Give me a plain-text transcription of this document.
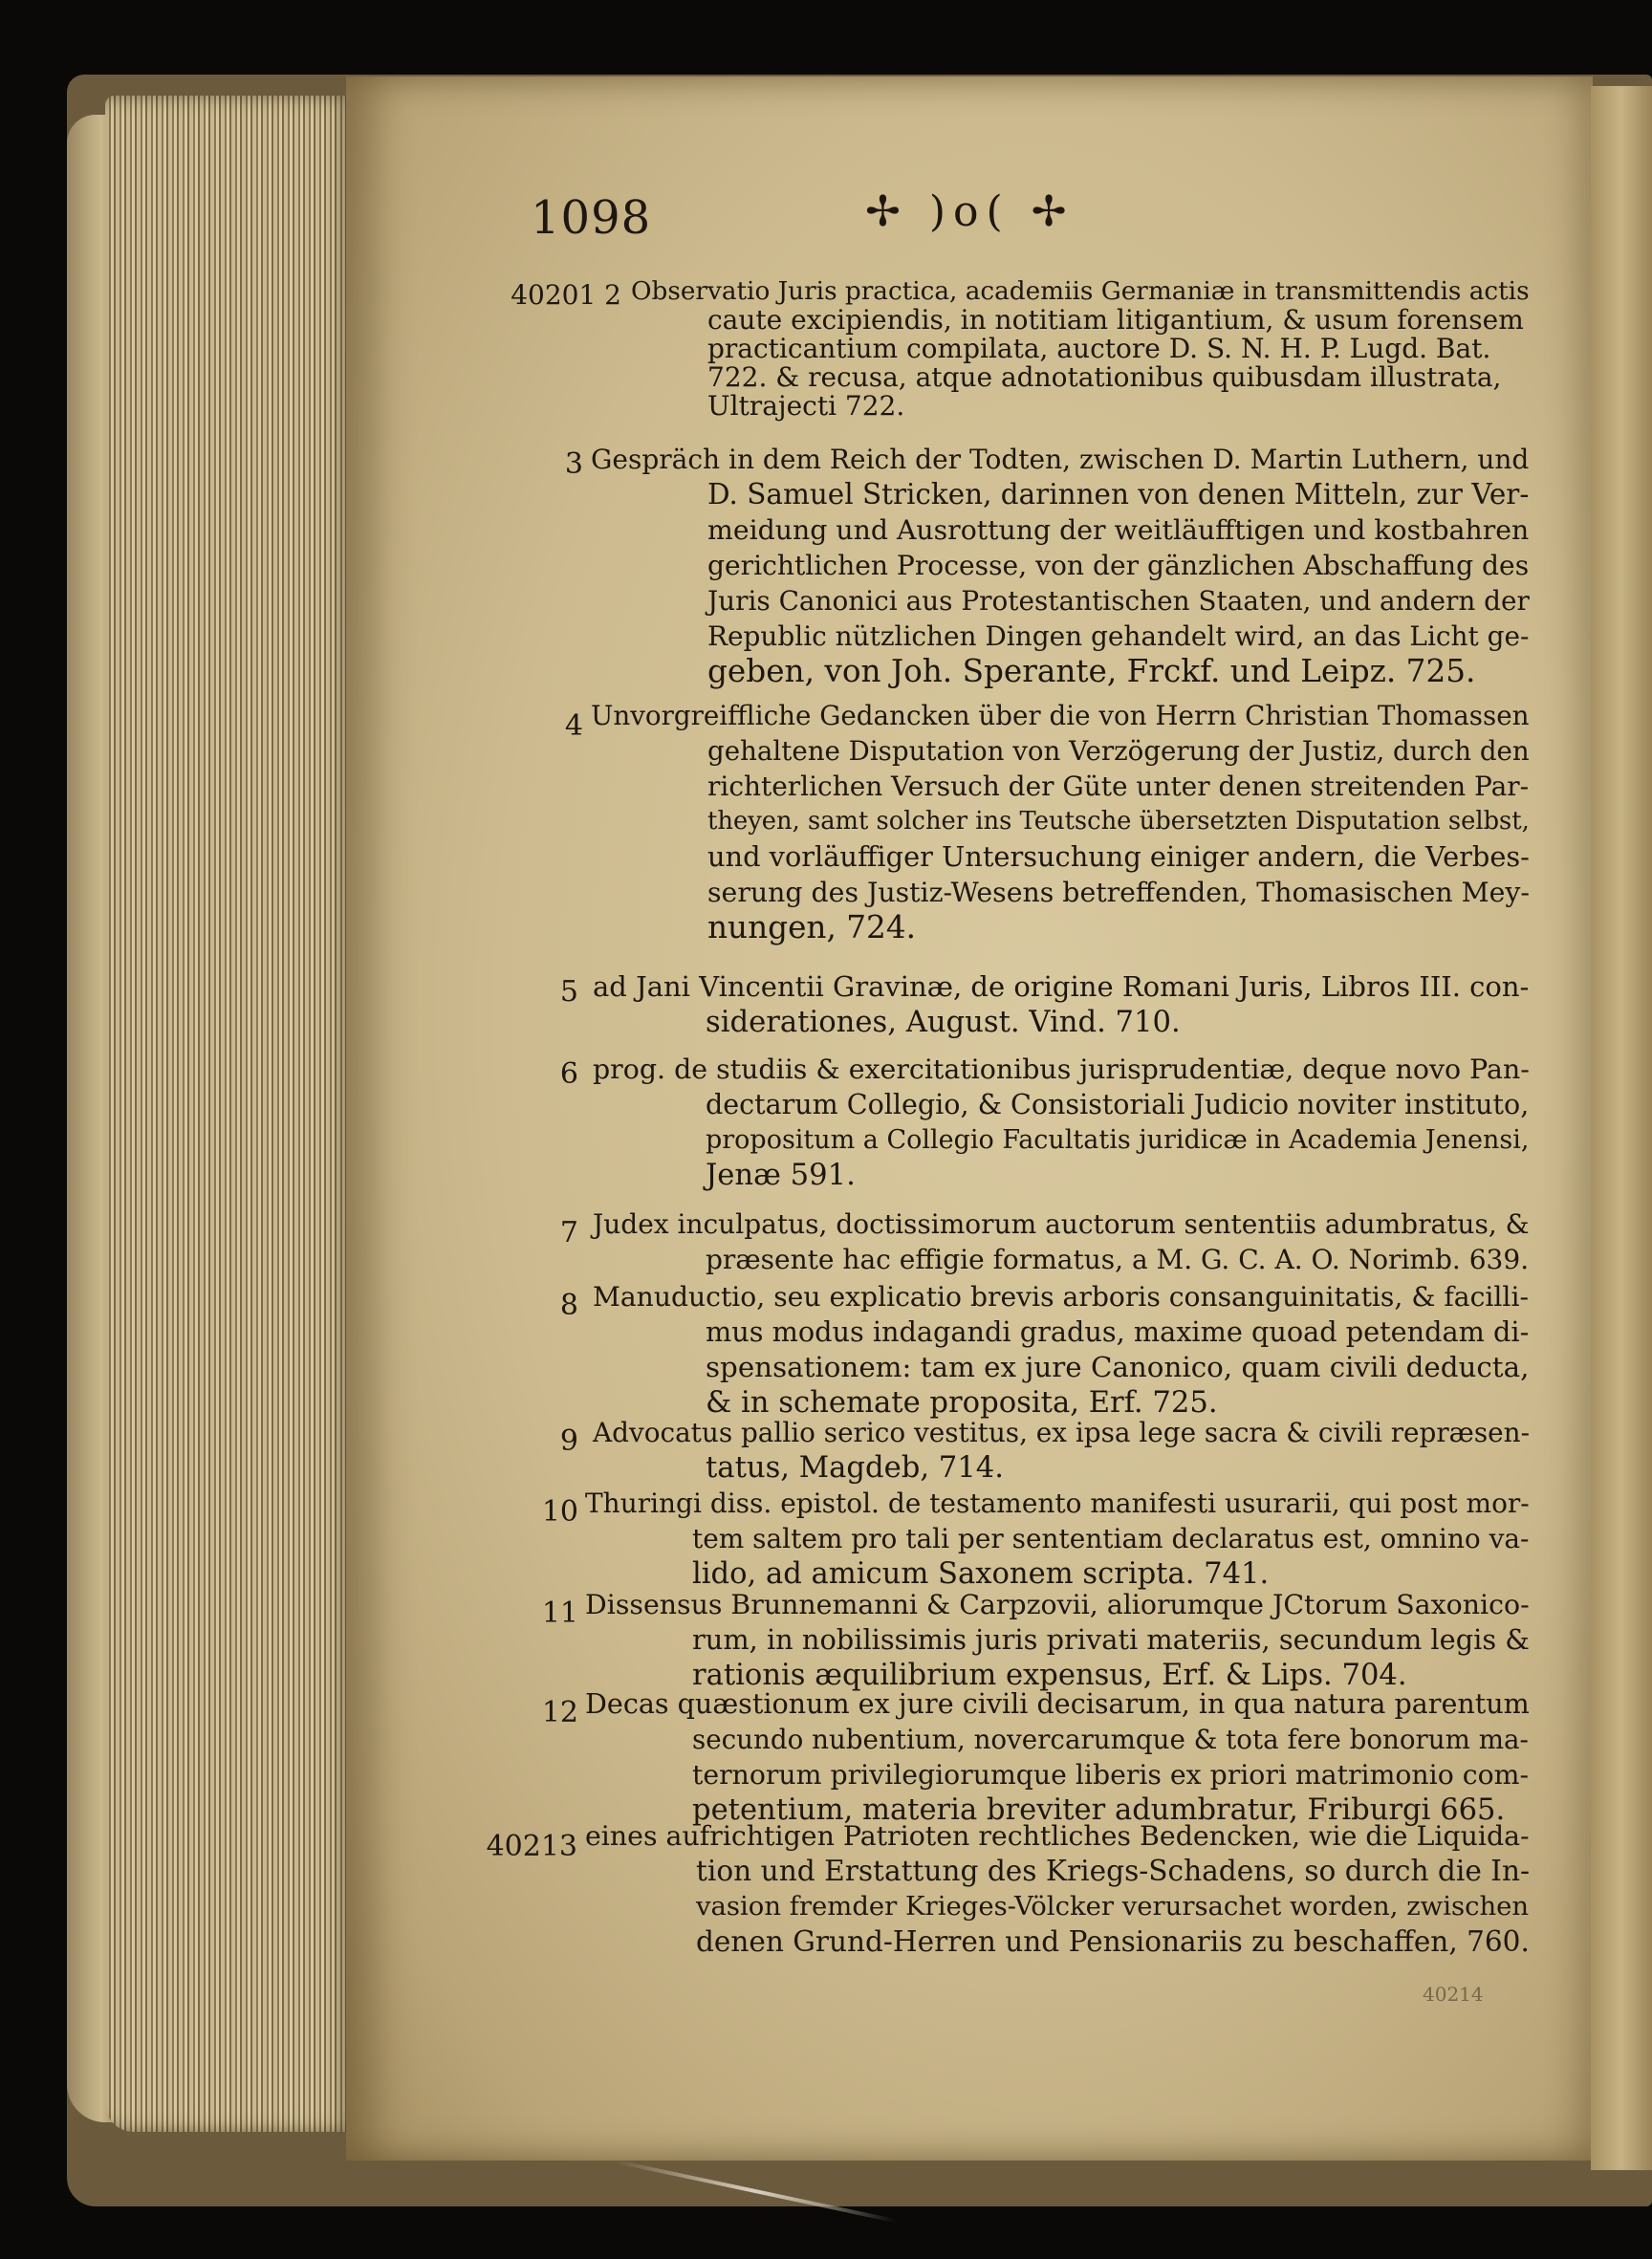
1098	✢ )o( ✢
40201 2 Observatio Juris practica, academiis Germaniæ in transmittendis actis
caute excipiendis, in notitiam litigantium, & usum forensem
practicantium compilata, auctore D. S. N. H. P. Lugd. Bat.
722. & recusa, atque adnotationibus quibusdam illustrata,
Ultrajecti 722.
3 Gespräch in dem Reich der Todten, zwischen D. Martin Luthern, und
D. Samuel Stricken, darinnen von denen Mitteln, zur Ver-
meidung und Ausrottung der weitläufftigen und kostbahren
gerichtlichen Processe, von der gänzlichen Abschaffung des
Juris Canonici aus Protestantischen Staaten, und andern der
Republic nützlichen Dingen gehandelt wird, an das Licht ge-
geben, von Joh. Sperante, Frckf. und Leipz. 725.
4 Unvorgreiffliche Gedancken über die von Herrn Christian Thomassen
gehaltene Disputation von Verzögerung der Justiz, durch den
richterlichen Versuch der Güte unter denen streitenden Par-
theyen, samt solcher ins Teutsche übersetzten Disputation selbst,
und vorläuffiger Untersuchung einiger andern, die Verbes-
serung des Justiz-Wesens betreffenden, Thomasischen Mey-
nungen, 724.
5 ad Jani Vincentii Gravinæ, de origine Romani Juris, Libros III. con-
siderationes, August. Vind. 710.
6 prog. de studiis & exercitationibus jurisprudentiæ, deque novo Pan-
dectarum Collegio, & Consistoriali Judicio noviter instituto,
propositum a Collegio Facultatis juridicæ in Academia Jenensi,
Jenæ 591.
7 Judex inculpatus, doctissimorum auctorum sententiis adumbratus, &
præsente hac effigie formatus, a M. G. C. A. O. Norimb. 639.
8 Manuductio, seu explicatio brevis arboris consanguinitatis, & facilli-
mus modus indagandi gradus, maxime quoad petendam di-
spensationem: tam ex jure Canonico, quam civili deducta,
& in schemate proposita, Erf. 725.
9 Advocatus pallio serico vestitus, ex ipsa lege sacra & civili repræsen-
tatus, Magdeb, 714.
10 Thuringi diss. epistol. de testamento manifesti usurarii, qui post mor-
tem saltem pro tali per sententiam declaratus est, omnino va-
lido, ad amicum Saxonem scripta. 741.
11 Dissensus Brunnemanni & Carpzovii, aliorumque JCtorum Saxonico-
rum, in nobilissimis juris privati materiis, secundum legis &
rationis æquilibrium expensus, Erf. & Lips. 704.
12 Decas quæstionum ex jure civili decisarum, in qua natura parentum
secundo nubentium, novercarumque & tota fere bonorum ma-
ternorum privilegiorumque liberis ex priori matrimonio com-
petentium, materia breviter adumbratur, Friburgi 665.
40213 eines aufrichtigen Patrioten rechtliches Bedencken, wie die Liquida-
tion und Erstattung des Kriegs-Schadens, so durch die In-
vasion fremder Krieges-Völcker verursachet worden, zwischen
denen Grund-Herren und Pensionariis zu beschaffen, 760.
40214
